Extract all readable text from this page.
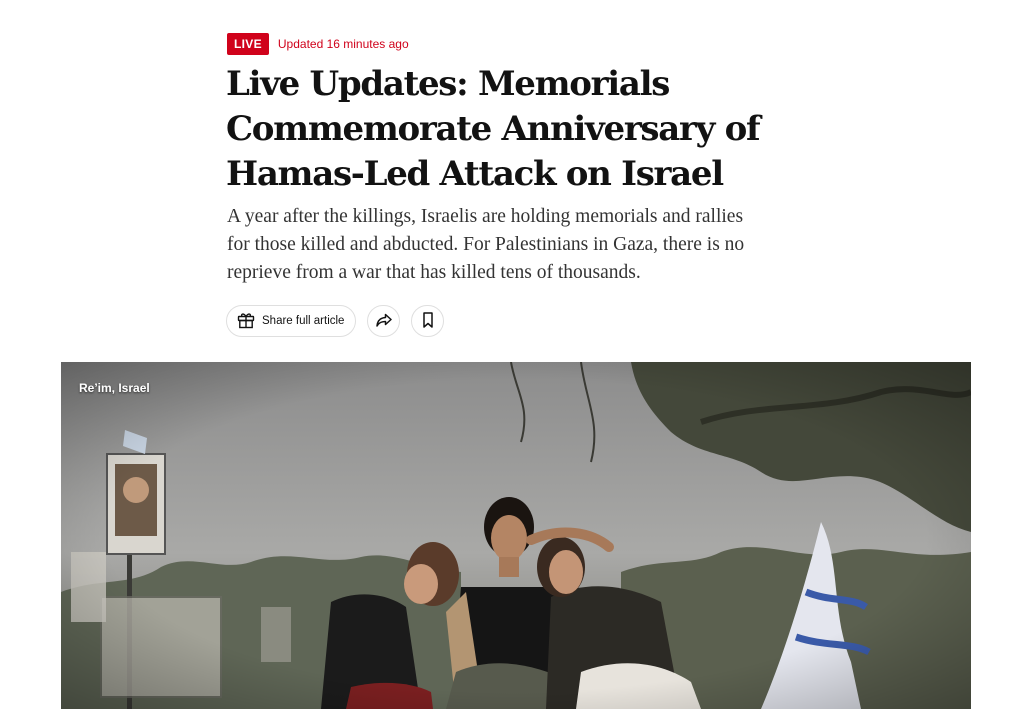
LIVE	Updated 16 minutes ago
Live Updates: Memorials
Commemorate Anniversary of
Hamas-Led Attack on Israel

A year after the killings, Israelis are holding memorials and rallies
for those killed and abducted. For Palestinians in Gaza, there is no
reprieve from a war that has killed tens of thousands.

Share full article
Re’im, Israel
